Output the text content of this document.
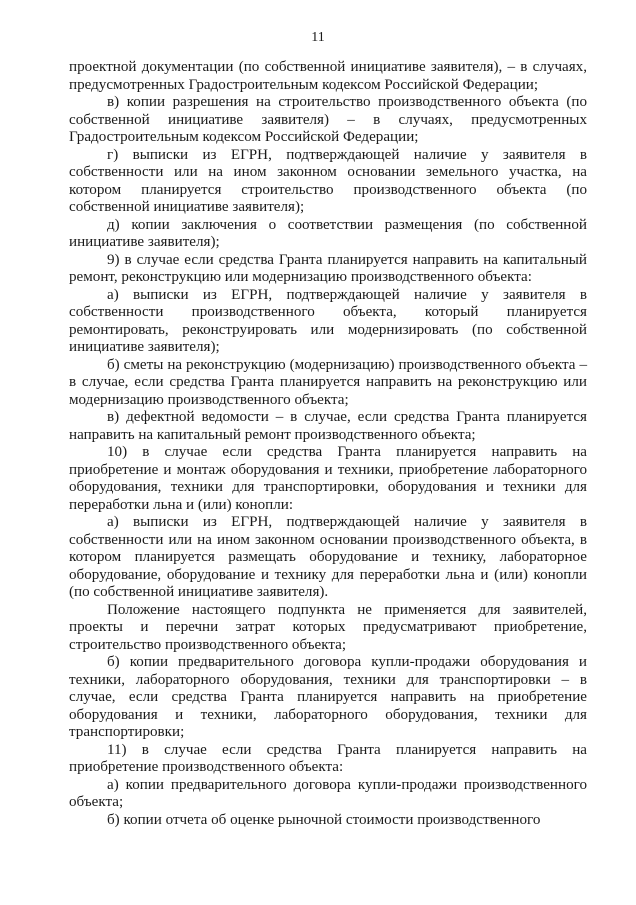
11

проектной документации (по собственной инициативе заявителя), – в случаях, предусмотренных Градостроительным кодексом Российской Федерации;

в) копии разрешения на строительство производственного объекта (по собственной инициативе заявителя) – в случаях, предусмотренных Градостроительным кодексом Российской Федерации;

г) выписки из ЕГРН, подтверждающей наличие у заявителя в собственности или на ином законном основании земельного участка, на котором планируется строительство производственного объекта (по собственной инициативе заявителя);

д) копии заключения о соответствии размещения (по собственной инициативе заявителя);

9) в случае если средства Гранта планируется направить на капитальный ремонт, реконструкцию или модернизацию производственного объекта:

а) выписки из ЕГРН, подтверждающей наличие у заявителя в собственности производственного объекта, который планируется ремонтировать, реконструировать или модернизировать (по собственной инициативе заявителя);

б) сметы на реконструкцию (модернизацию) производственного объекта – в случае, если средства Гранта планируется направить на реконструкцию или модернизацию производственного объекта;

в) дефектной ведомости – в случае, если средства Гранта планируется направить на капитальный ремонт производственного объекта;

10) в случае если средства Гранта планируется направить на приобретение и монтаж оборудования и техники, приобретение лабораторного оборудования, техники для транспортировки, оборудования и техники для переработки льна и (или) конопли:

а) выписки из ЕГРН, подтверждающей наличие у заявителя в собственности или на ином законном основании производственного объекта, в котором планируется размещать оборудование и технику, лабораторное оборудование, оборудование и технику для переработки льна и (или) конопли (по собственной инициативе заявителя).

Положение настоящего подпункта не применяется для заявителей, проекты и перечни затрат которых предусматривают приобретение, строительство производственного объекта;

б) копии предварительного договора купли-продажи оборудования и техники, лабораторного оборудования, техники для транспортировки – в случае, если средства Гранта планируется направить на приобретение оборудования и техники, лабораторного оборудования, техники для транспортировки;

11) в случае если средства Гранта планируется направить на приобретение производственного объекта:

а) копии предварительного договора купли-продажи производственного объекта;

б) копии отчета об оценке рыночной стоимости производственного
